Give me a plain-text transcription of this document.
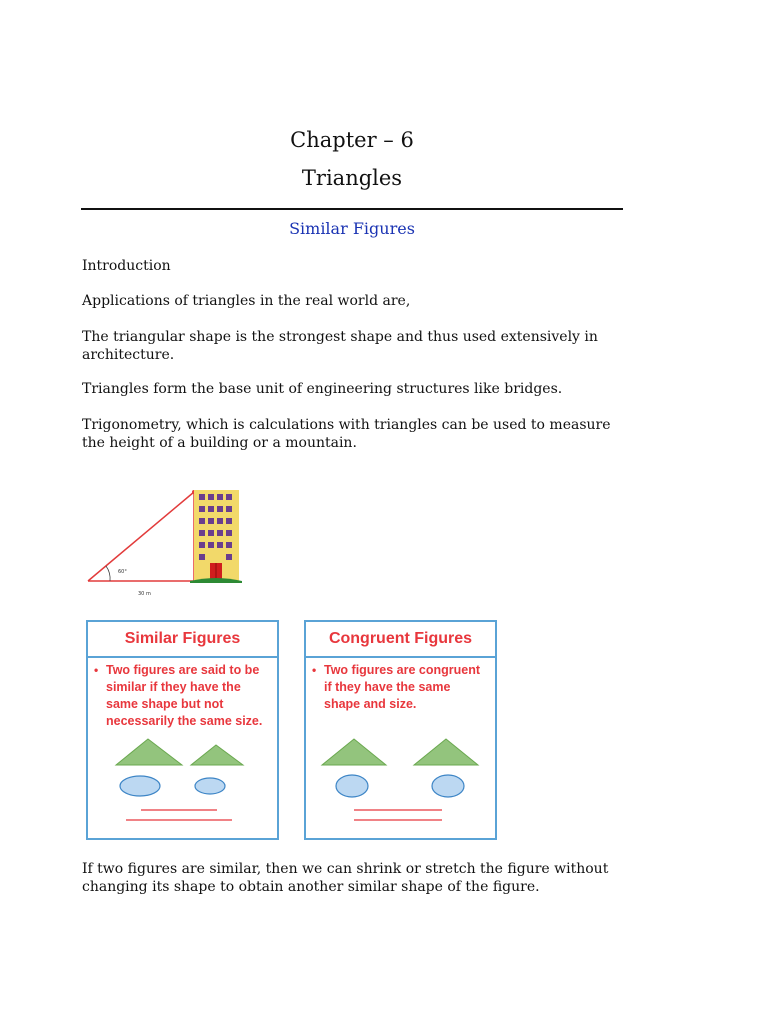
Chapter – 6
Triangles
Similar Figures
Introduction
Applications of triangles in the real world are,
The triangular shape is the strongest shape and thus used extensively in architecture.
Triangles form the base unit of engineering structures like bridges.
Trigonometry, which is calculations with triangles can be used to measure the height of a building or a mountain.
60°
30 m
Similar Figures
• Two figures are said to be similar if they have the same shape but not necessarily the same size.
Congruent Figures
• Two figures are congruent if they have the same shape and size.
If two figures are similar, then we can shrink or stretch the figure without changing its shape to obtain another similar shape of the figure.
